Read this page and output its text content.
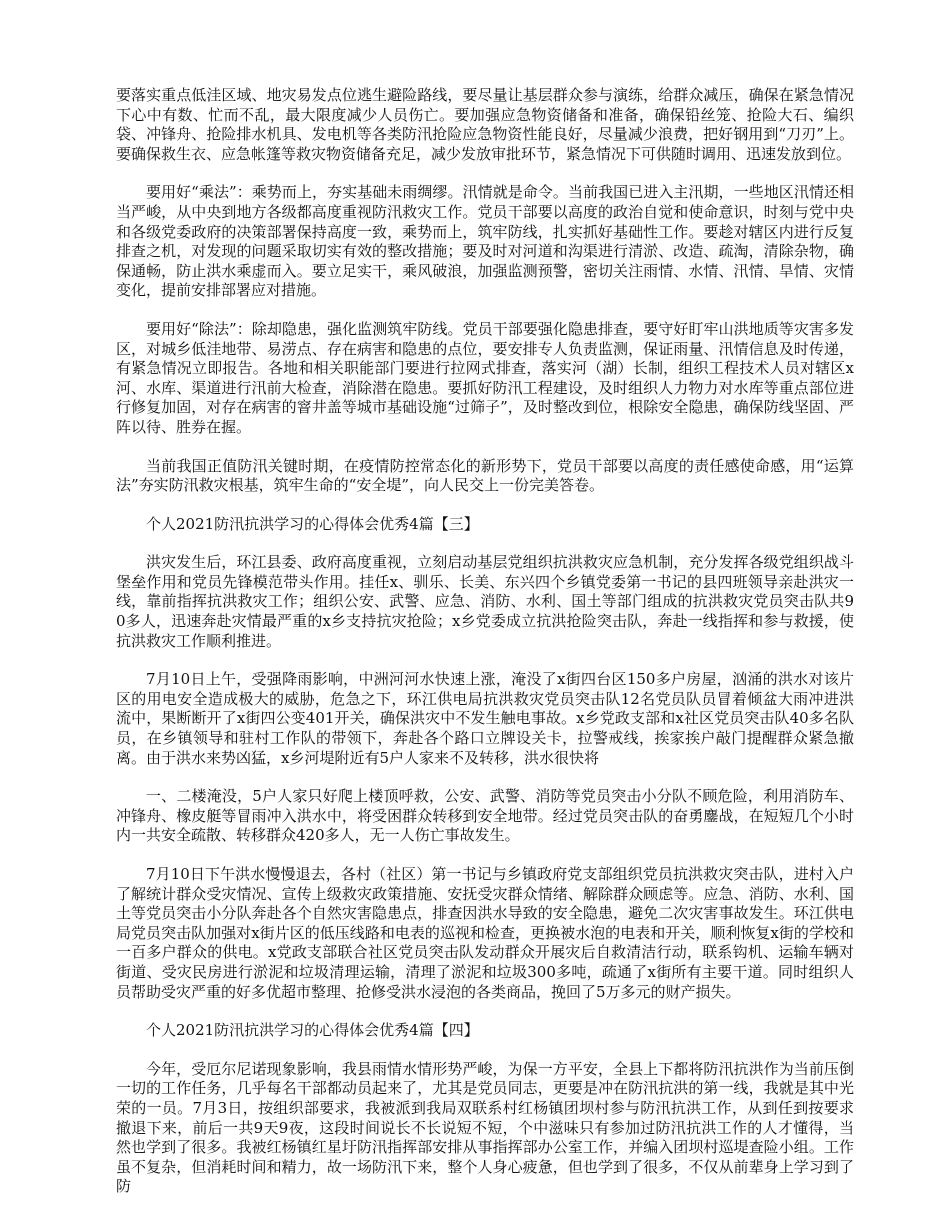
要落实重点低洼区域、地灾易发点位逃生避险路线，要尽量让基层群众参与演练，给群众减压，确保在紧急情况下心中有数、忙而不乱，最大限度减少人员伤亡。要加强应急物资储备和准备，确保铅丝笼、抢险大石、编织袋、冲锋舟、抢险排水机具、发电机等各类防汛抢险应急物资性能良好，尽量减少浪费，把好钢用到“刀刃”上。要确保救生衣、应急帐篷等救灾物资储备充足，减少发放审批环节，紧急情况下可供随时调用、迅速发放到位。

要用好“乘法”：乘势而上，夯实基础未雨绸缪。汛情就是命令。当前我国已进入主汛期，一些地区汛情还相当严峻，从中央到地方各级都高度重视防汛救灾工作。党员干部要以高度的政治自觉和使命意识，时刻与党中央和各级党委政府的决策部署保持高度一致，乘势而上，筑牢防线，扎实抓好基础性工作。要趁对辖区内进行反复排查之机，对发现的问题采取切实有效的整改措施；要及时对河道和沟渠进行清淤、改造、疏淘，清除杂物，确保通畅，防止洪水乘虚而入。要立足实干，乘风破浪，加强监测预警，密切关注雨情、水情、汛情、旱情、灾情变化，提前安排部署应对措施。

要用好“除法”：除却隐患，强化监测筑牢防线。党员干部要强化隐患排查，要守好盯牢山洪地质等灾害多发区，对城乡低洼地带、易涝点、存在病害和隐患的点位，要安排专人负责监测，保证雨量、汛情信息及时传递，有紧急情况立即报告。各地和相关职能部门要进行拉网式排查，落实河（湖）长制，组织工程技术人员对辖区x河、水库、渠道进行汛前大检查，消除潜在隐患。要抓好防汛工程建设，及时组织人力物力对水库等重点部位进行修复加固，对存在病害的窨井盖等城市基础设施“过筛子”，及时整改到位，根除安全隐患，确保防线坚固、严阵以待、胜券在握。

当前我国正值防汛关键时期，在疫情防控常态化的新形势下，党员干部要以高度的责任感使命感，用“运算法”夯实防汛救灾根基，筑牢生命的“安全堤”，向人民交上一份完美答卷。

个人2021防汛抗洪学习的心得体会优秀4篇【三】

洪灾发生后，环江县委、政府高度重视，立刻启动基层党组织抗洪救灾应急机制，充分发挥各级党组织战斗堡垒作用和党员先锋模范带头作用。挂任x、驯乐、长美、东兴四个乡镇党委第一书记的县四班领导亲赴洪灾一线，靠前指挥抗洪救灾工作；组织公安、武警、应急、消防、水利、国土等部门组成的抗洪救灾党员突击队共90多人，迅速奔赴灾情最严重的x乡支持抗灾抢险；x乡党委成立抗洪抢险突击队，奔赴一线指挥和参与救援，使抗洪救灾工作顺利推进。

7月10日上午，受强降雨影响，中洲河河水快速上涨，淹没了x街四台区150多户房屋，汹涌的洪水对该片区的用电安全造成极大的威胁，危急之下，环江供电局抗洪救灾党员突击队12名党员队员冒着倾盆大雨冲进洪流中，果断断开了x街四公变401开关，确保洪灾中不发生触电事故。x乡党政支部和x社区党员突击队40多名队员，在乡镇领导和驻村工作队的带领下，奔赴各个路口立牌设关卡，拉警戒线，挨家挨户敲门提醒群众紧急撤离。由于洪水来势凶猛，x乡河堤附近有5户人家来不及转移，洪水很快将

一、二楼淹没，5户人家只好爬上楼顶呼救，公安、武警、消防等党员突击小分队不顾危险，利用消防车、冲锋舟、橡皮艇等冒雨冲入洪水中，将受困群众转移到安全地带。经过党员突击队的奋勇鏖战，在短短几个小时内一共安全疏散、转移群众420多人，无一人伤亡事故发生。

7月10日下午洪水慢慢退去，各村（社区）第一书记与乡镇政府党支部组织党员抗洪救灾突击队，进村入户了解统计群众受灾情况、宣传上级救灾政策措施、安抚受灾群众情绪、解除群众顾虑等。应急、消防、水利、国土等党员突击小分队奔赴各个自然灾害隐患点，排查因洪水导致的安全隐患，避免二次灾害事故发生。环江供电局党员突击队加强对x街片区的低压线路和电表的巡视和检查，更换被水泡的电表和开关，顺利恢复x街的学校和一百多户群众的供电。x党政支部联合社区党员突击队发动群众开展灾后自救清洁行动，联系钩机、运输车辆对街道、受灾民房进行淤泥和垃圾清理运输，清理了淤泥和垃圾300多吨，疏通了x街所有主要干道。同时组织人员帮助受灾严重的好多优超市整理、抢修受洪水浸泡的各类商品，挽回了5万多元的财产损失。

个人2021防汛抗洪学习的心得体会优秀4篇【四】

今年，受厄尔尼诺现象影响，我县雨情水情形势严峻，为保一方平安，全县上下都将防汛抗洪作为当前压倒一切的工作任务，几乎每名干部都动员起来了，尤其是党员同志，更要是冲在防汛抗洪的第一线，我就是其中光荣的一员。7月3日，按组织部要求，我被派到我局双联系村红杨镇团坝村参与防汛抗洪工作，从到任到按要求撤退下来，前后一共9天9夜，这段时间说长不长说短不短，个中滋味只有参加过防汛抗洪工作的人才懂得，当然也学到了很多。我被红杨镇红星圩防汛指挥部安排从事指挥部办公室工作，并编入团坝村巡堤查险小组。工作虽不复杂，但消耗时间和精力，故一场防汛下来，整个人身心疲惫，但也学到了很多，不仅从前辈身上学习到了防
